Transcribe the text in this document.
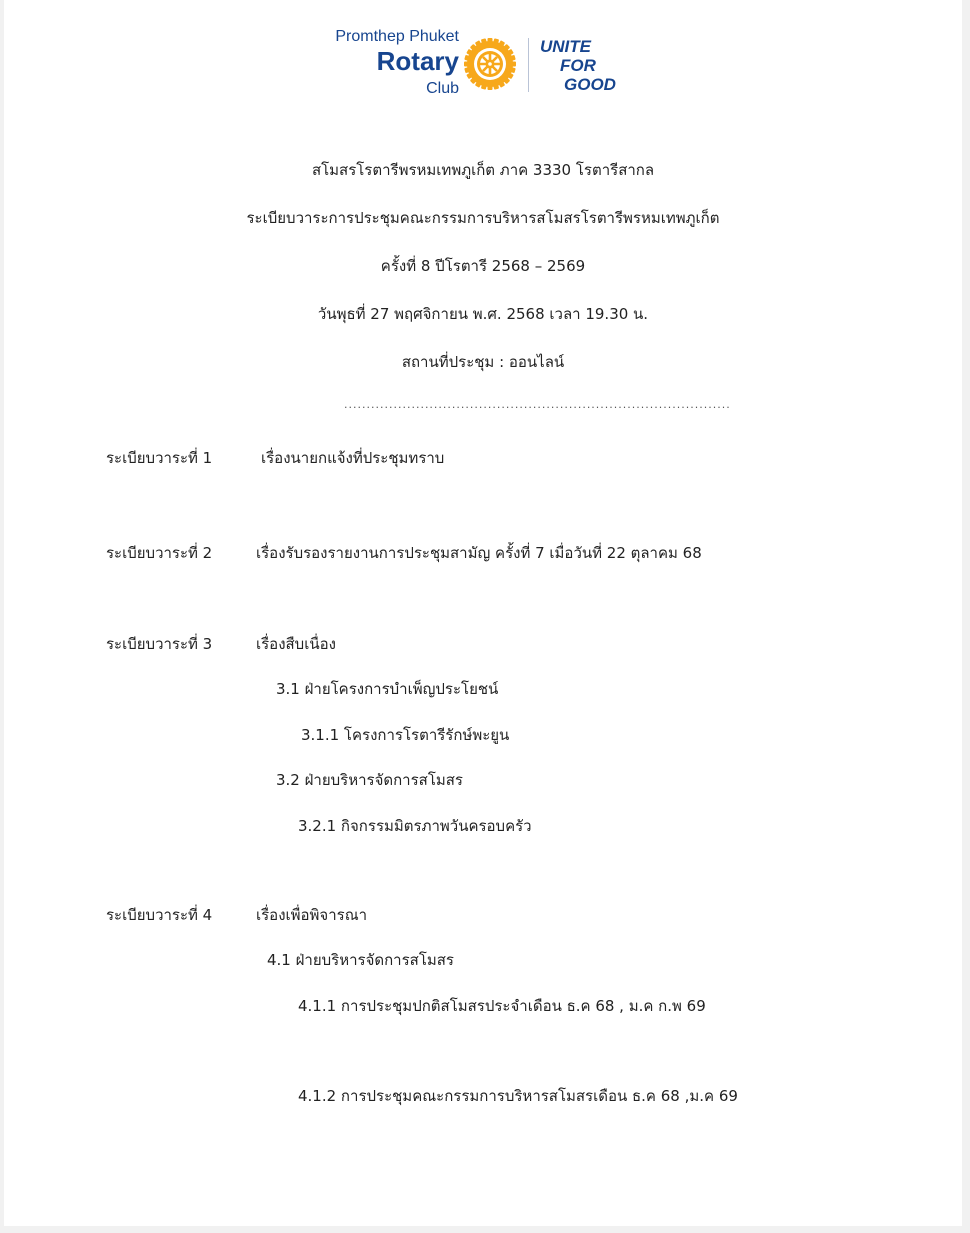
Promthep Phuket
Rotary
Club
UNITE
FOR
GOOD
สโมสรโรตารีพรหมเทพภูเก็ต ภาค 3330 โรตารีสากล
ระเบียบวาระการประชุมคณะกรรมการบริหารสโมสรโรตารีพรหมเทพภูเก็ต
ครั้งที่ 8 ปีโรตารี 2568 – 2569
วันพุธที่ 27 พฤศจิกายน พ.ศ. 2568 เวลา 19.30 น.
สถานที่ประชุม : ออนไลน์
......................................................................................
ระเบียบวาระที่ 1	เรื่องนายกแจ้งที่ประชุมทราบ
ระเบียบวาระที่ 2	เรื่องรับรองรายงานการประชุมสามัญ ครั้งที่ 7 เมื่อวันที่ 22 ตุลาคม 68
ระเบียบวาระที่ 3	เรื่องสืบเนื่อง
3.1 ฝ่ายโครงการบำเพ็ญประโยชน์
3.1.1 โครงการโรตารีรักษ์พะยูน
3.2 ฝ่ายบริหารจัดการสโมสร
3.2.1 กิจกรรมมิตรภาพวันครอบครัว
ระเบียบวาระที่ 4	เรื่องเพื่อพิจารณา
4.1 ฝ่ายบริหารจัดการสโมสร
4.1.1 การประชุมปกติสโมสรประจำเดือน ธ.ค 68 , ม.ค ก.พ 69
4.1.2 การประชุมคณะกรรมการบริหารสโมสรเดือน ธ.ค 68 ,ม.ค 69
